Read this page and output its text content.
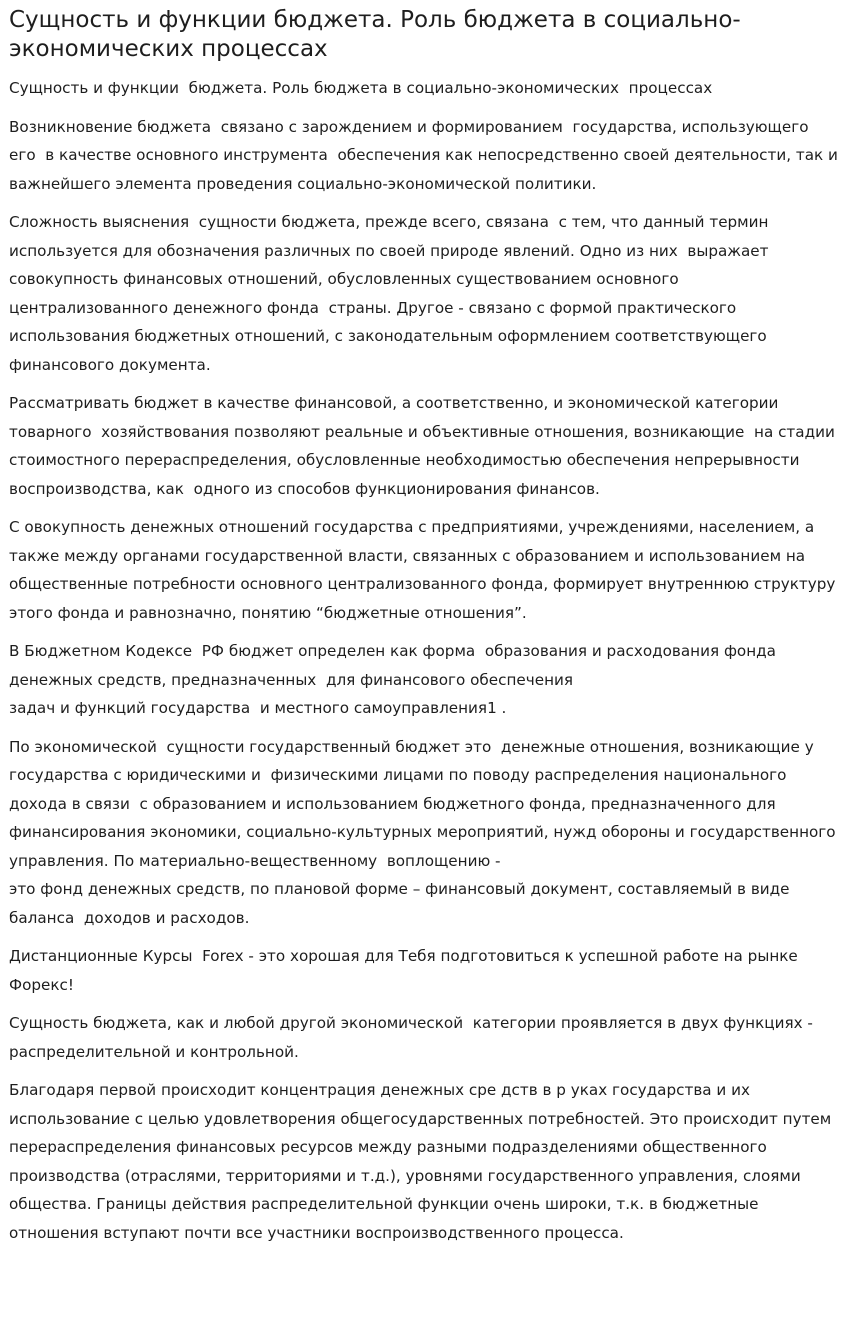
Сущность и функции бюджета. Роль бюджета в социально-экономических процессах

Сущность и функции  бюджета. Роль бюджета в социально-экономических  процессах

Возникновение бюджета  связано с зарождением и формированием  государства, использующего его  в качестве основного инструмента  обеспечения как непосредственно своей деятельности, так и важнейшего элемента проведения социально-экономической политики.

Сложность выяснения  сущности бюджета, прежде всего, связана  с тем, что данный термин используется для обозначения различных по своей природе явлений. Одно из них  выражает совокупность финансовых отношений, обусловленных существованием основного централизованного денежного фонда  страны. Другое - связано с формой практического использования бюджетных отношений, с законодательным оформлением соответствующего финансового документа.

Рассматривать бюджет в качестве финансовой, а соответственно, и экономической категории товарного  хозяйствования позволяют реальные и объективные отношения, возникающие  на стадии стоимостного перераспределения, обусловленные необходимостью обеспечения непрерывности воспроизводства, как  одного из способов функционирования финансов.

С овокупность денежных отношений государства с предприятиями, учреждениями, населением, а также между органами государственной власти, связанных с образованием и использованием на общественные потребности основного централизованного фонда, формирует внутреннюю структуру этого фонда и равнозначно, понятию “бюджетные отношения”.

В Бюджетном Кодексе  РФ бюджет определен как форма  образования и расходования фонда денежных средств, предназначенных  для финансового обеспечения
задач и функций государства  и местного самоуправления1 .

По экономической  сущности государственный бюджет это  денежные отношения, возникающие у  государства с юридическими и  физическими лицами по поводу распределения национального дохода в связи  с образованием и использованием бюджетного фонда, предназначенного для  финансирования экономики, социально-культурных мероприятий, нужд обороны и государственного управления. По материально-вещественному  воплощению -
это фонд денежных средств, по плановой форме – финансовый документ, составляемый в виде баланса  доходов и расходов.

Дистанционные Курсы  Forex - это хорошая для Тебя подготовиться к успешной работе на рынке Форекс!

Сущность бюджета, как и любой другой экономической  категории проявляется в двух функциях - распределительной и контрольной.

Благодаря первой происходит концентрация денежных сре дств в р уках государства и их использование с целью удовлетворения общегосударственных потребностей. Это происходит путем перераспределения финансовых ресурсов между разными подразделениями общественного производства (отраслями, территориями и т.д.), уровнями государственного управления, слоями общества. Границы действия распределительной функции очень широки, т.к. в бюджетные отношения вступают почти все участники воспроизводственного процесса.
